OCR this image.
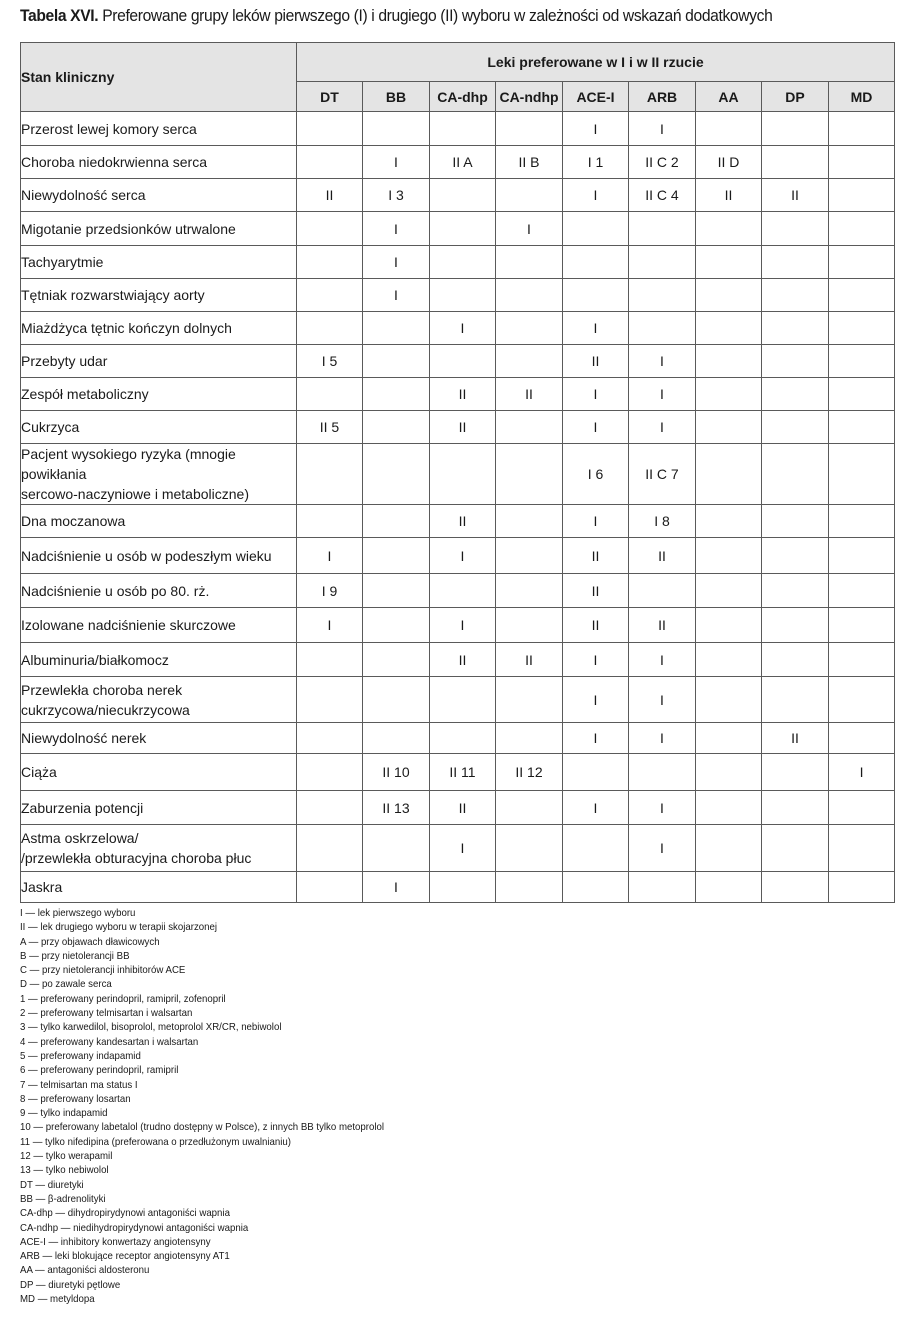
Tabela XVI. Preferowane grupy leków pierwszego (I) i drugiego (II) wyboru w zależności od wskazań dodatkowych
Stan kliniczny	Leki preferowane w I i w II rzucie								
	DT	BB	CA-dhp	CA-ndhp	ACE-I	ARB	AA	DP	MD
Przerost lewej komory serca					I	I			
Choroba niedokrwienna serca		I	II A	II B	I 1	II C 2	II D		
Niewydolność serca	II	I 3			I	II C 4	II	II	
Migotanie przedsionków utrwalone		I		I					
Tachyarytmie		I							
Tętniak rozwarstwiający aorty		I							
Miażdżyca tętnic kończyn dolnych			I		I				
Przebyty udar	I 5				II	I			
Zespół metaboliczny			II	II	I	I			
Cukrzyca	II 5		II		I	I			
Pacjent wysokiego ryzyka (mnogie powikłania
sercowo-naczyniowe i metaboliczne)					I 6	II C 7			
Dna moczanowa			II		I	I 8			
Nadciśnienie u osób w podeszłym wieku	I		I		II	II			
Nadciśnienie u osób po 80. rż.	I 9				II				
Izolowane nadciśnienie skurczowe	I		I		II	II			
Albuminuria/białkomocz			II	II	I	I			
Przewlekła choroba nerek
cukrzycowa/niecukrzycowa					I	I			
Niewydolność nerek					I	I		II	
Ciąża		II 10	II 11	II 12					I
Zaburzenia potencji		II 13	II		I	I			
Astma oskrzelowa/
/przewlekła obturacyjna choroba płuc			I			I			
Jaskra		I							
I — lek pierwszego wyboru
II — lek drugiego wyboru w terapii skojarzonej
A — przy objawach dławicowych
B — przy nietolerancji BB
C — przy nietolerancji inhibitorów ACE
D — po zawale serca
1 — preferowany perindopril, ramipril, zofenopril
2 — preferowany telmisartan i walsartan
3 — tylko karwedilol, bisoprolol, metoprolol XR/CR, nebiwolol
4 — preferowany kandesartan i walsartan
5 — preferowany indapamid
6 — preferowany perindopril, ramipril
7 — telmisartan ma status I
8 — preferowany losartan
9 — tylko indapamid
10 — preferowany labetalol (trudno dostępny w Polsce), z innych BB tylko metoprolol
11 — tylko nifedipina (preferowana o przedłużonym uwalnianiu)
12 — tylko werapamil
13 — tylko nebiwolol
DT — diuretyki
BB — β-adrenolityki
CA-dhp — dihydropirydynowi antagoniści wapnia
CA-ndhp — niedihydropirydynowi antagoniści wapnia
ACE-I — inhibitory konwertazy angiotensyny
ARB — leki blokujące receptor angiotensyny AT1
AA — antagoniści aldosteronu
DP — diuretyki pętlowe
MD — metyldopa
